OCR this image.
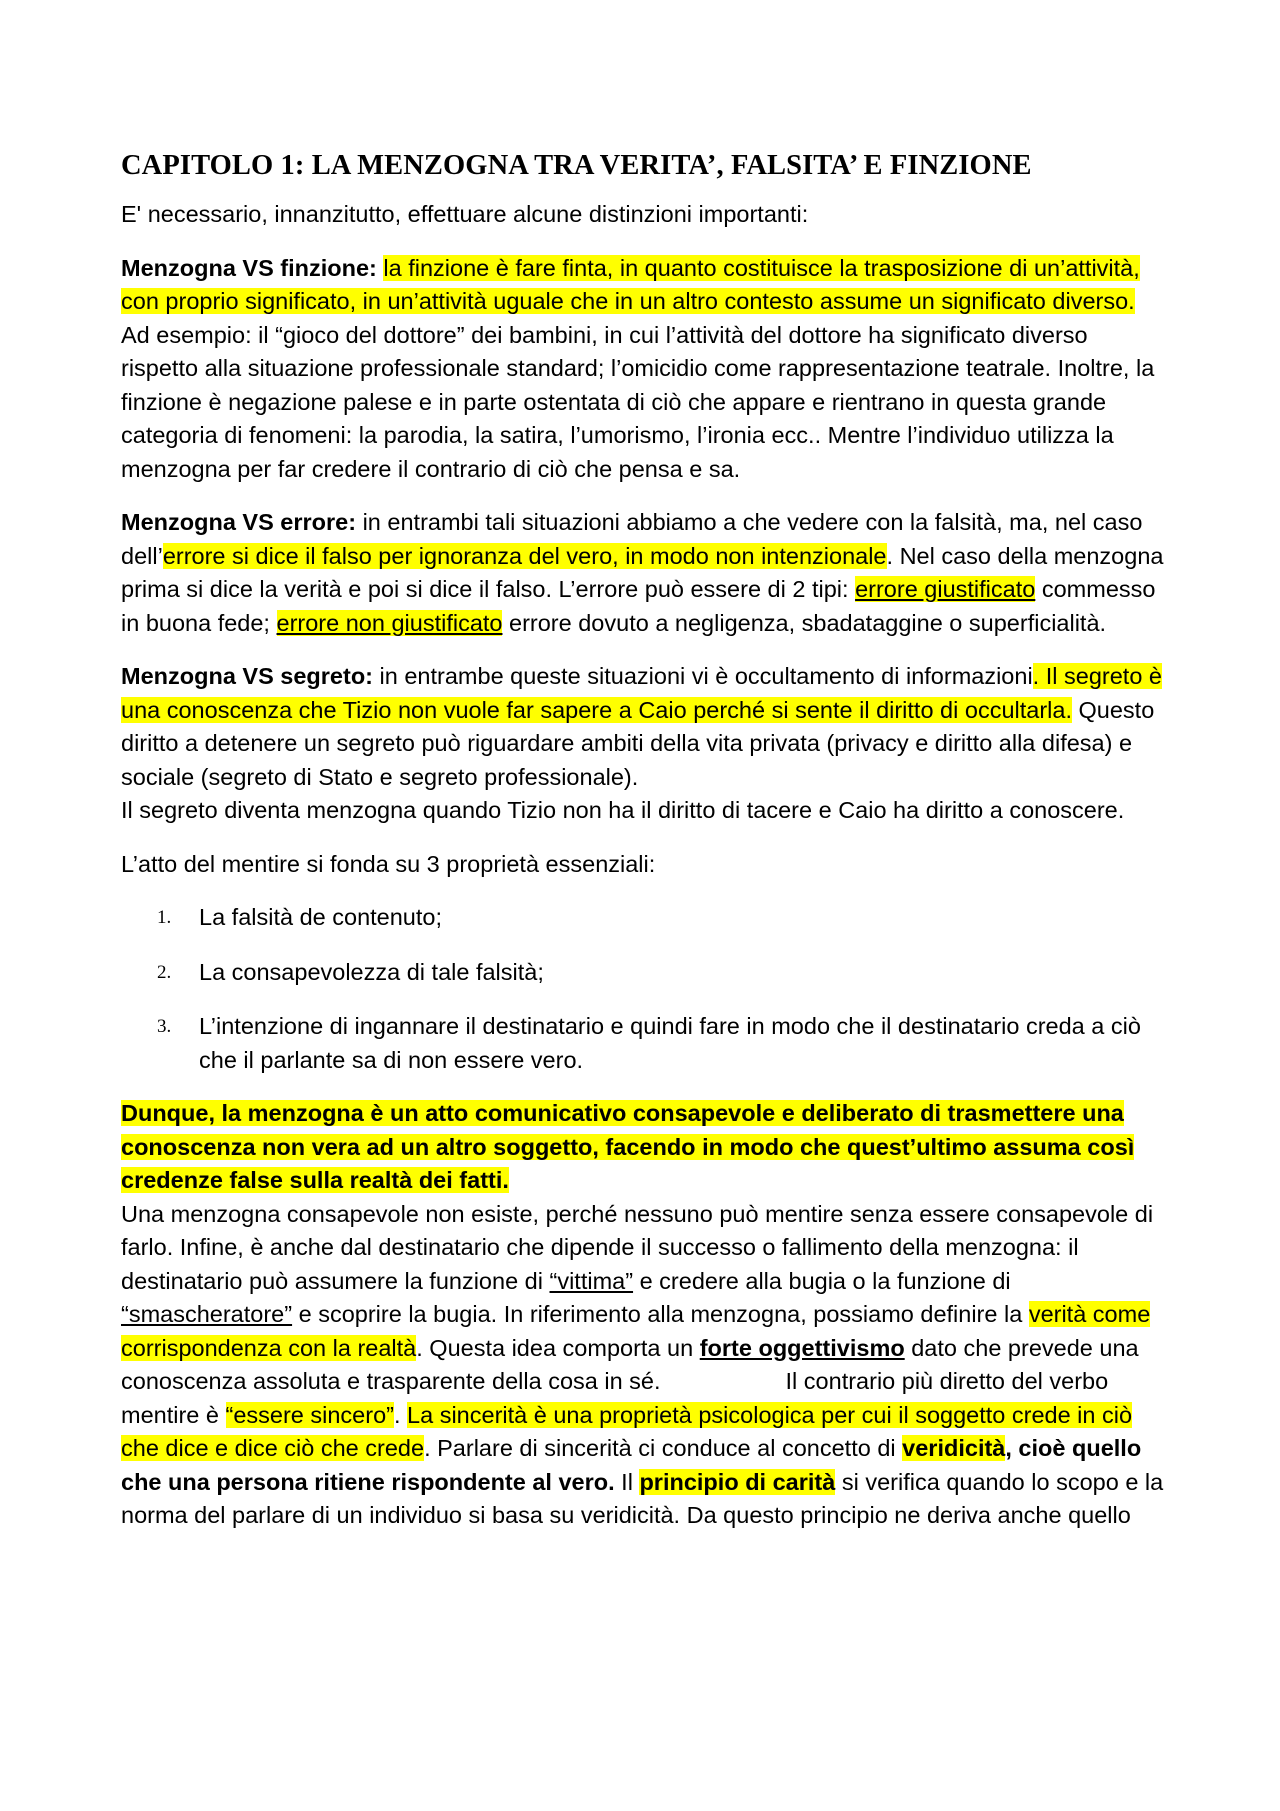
CAPITOLO 1: LA MENZOGNA TRA VERITA’, FALSITA’ E FINZIONE

E' necessario, innanzitutto, effettuare alcune distinzioni importanti:

Menzogna VS finzione: la finzione è fare finta, in quanto costituisce la trasposizione di un’attività, con proprio significato, in un’attività uguale che in un altro contesto assume un significato diverso. Ad esempio: il “gioco del dottore” dei bambini, in cui l’attività del dottore ha significato diverso rispetto alla situazione professionale standard; l’omicidio come rappresentazione teatrale. Inoltre, la finzione è negazione palese e in parte ostentata di ciò che appare e rientrano in questa grande categoria di fenomeni: la parodia, la satira, l’umorismo, l’ironia ecc.. Mentre l’individuo utilizza la menzogna per far credere il contrario di ciò che pensa e sa.

Menzogna VS errore: in entrambi tali situazioni abbiamo a che vedere con la falsità, ma, nel caso dell’errore si dice il falso per ignoranza del vero, in modo non intenzionale. Nel caso della menzogna prima si dice la verità e poi si dice il falso. L’errore può essere di 2 tipi: errore giustificato commesso in buona fede; errore non giustificato errore dovuto a negligenza, sbadataggine o superficialità.

Menzogna VS segreto: in entrambe queste situazioni vi è occultamento di informazioni. Il segreto è una conoscenza che Tizio non vuole far sapere a Caio perché si sente il diritto di occultarla. Questo diritto a detenere un segreto può riguardare ambiti della vita privata (privacy e diritto alla difesa) e sociale (segreto di Stato e segreto professionale).
Il segreto diventa menzogna quando Tizio non ha il diritto di tacere e Caio ha diritto a conoscere.

L’atto del mentire si fonda su 3 proprietà essenziali:

1. La falsità de contenuto;
2. La consapevolezza di tale falsità;
3. L’intenzione di ingannare il destinatario e quindi fare in modo che il destinatario creda a ciò che il parlante sa di non essere vero.

Dunque, la menzogna è un atto comunicativo consapevole e deliberato di trasmettere una conoscenza non vera ad un altro soggetto, facendo in modo che quest’ultimo assuma così credenze false sulla realtà dei fatti.
Una menzogna consapevole non esiste, perché nessuno può mentire senza essere consapevole di farlo. Infine, è anche dal destinatario che dipende il successo o fallimento della menzogna: il destinatario può assumere la funzione di “vittima” e credere alla bugia o la funzione di “smascheratore” e scoprire la bugia. In riferimento alla menzogna, possiamo definire la verità come corrispondenza con la realtà. Questa idea comporta un forte oggettivismo dato che prevede una conoscenza assoluta e trasparente della cosa in sé.	Il contrario più diretto del verbo mentire è “essere sincero”. La sincerità è una proprietà psicologica per cui il soggetto crede in ciò che dice e dice ciò che crede. Parlare di sincerità ci conduce al concetto di veridicità, cioè quello che una persona ritiene rispondente al vero. Il principio di carità si verifica quando lo scopo e la norma del parlare di un individuo si basa su veridicità. Da questo principio ne deriva anche quello
